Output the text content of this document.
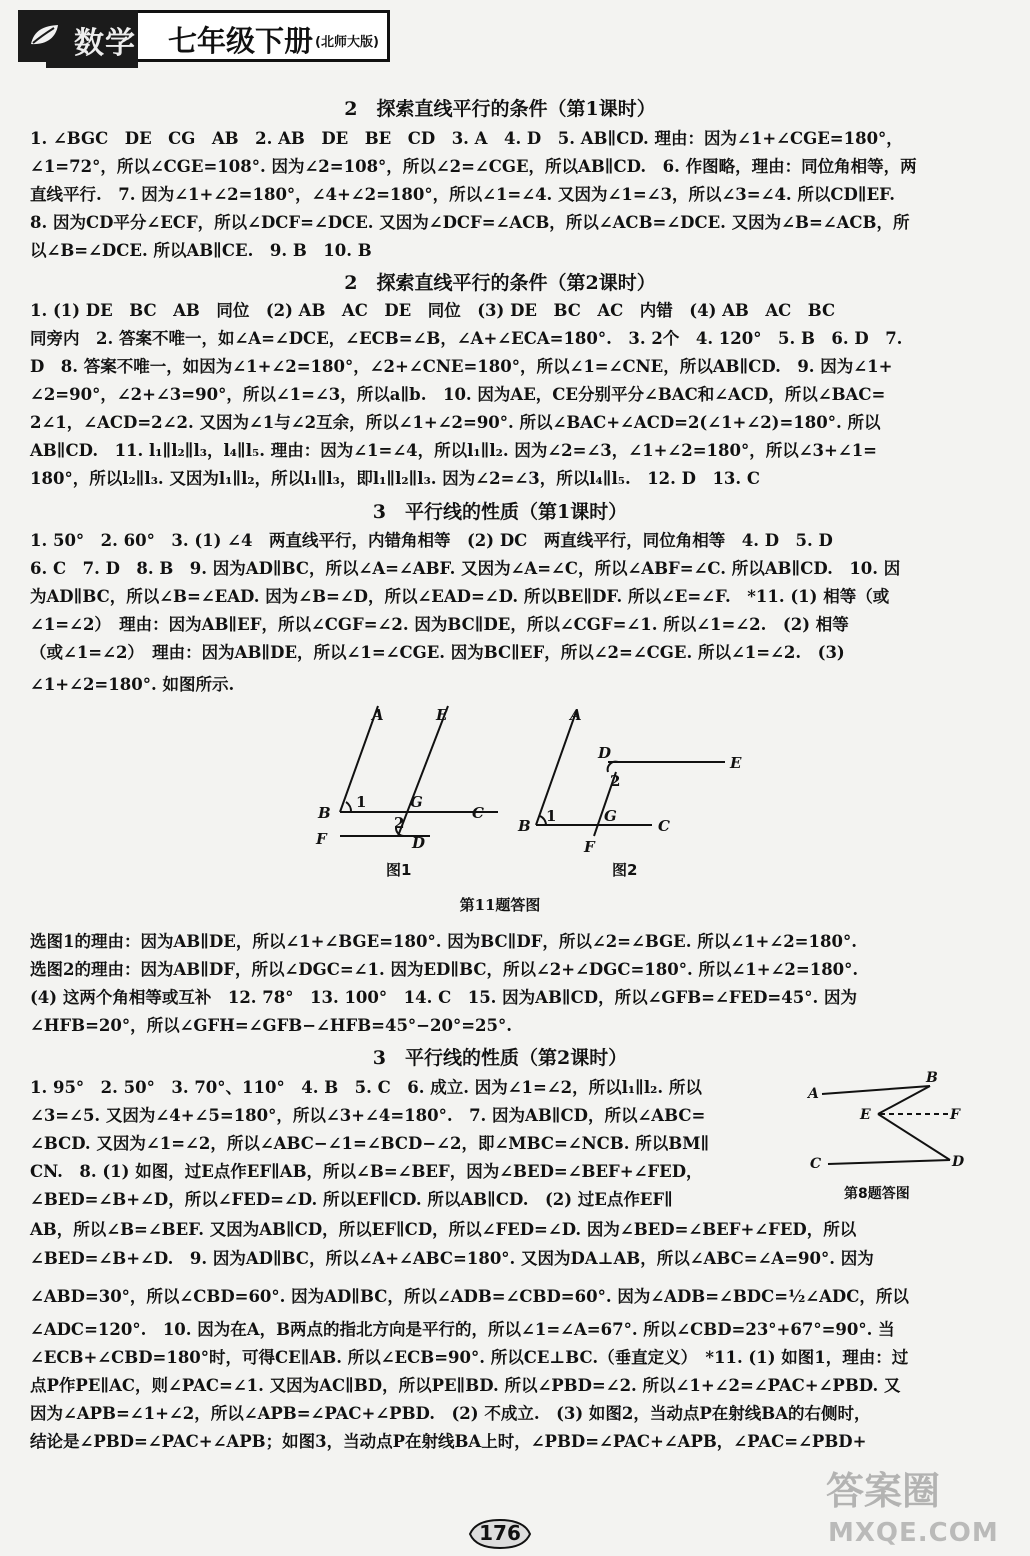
数学 七年级下册 (北师大版)
2　探索直线平行的条件（第1课时）
1. ∠BGC　DE　CG　AB　2. AB　DE　BE　CD　3. A　4. D　5. AB∥CD. 理由：因为∠1+∠CGE=180°，
∠1=72°，所以∠CGE=108°. 因为∠2=108°，所以∠2=∠CGE，所以AB∥CD.　6. 作图略，理由：同位角相等，两
直线平行.　7. 因为∠1+∠2=180°，∠4+∠2=180°，所以∠1=∠4. 又因为∠1=∠3，所以∠3=∠4. 所以CD∥EF.
8. 因为CD平分∠ECF，所以∠DCF=∠DCE. 又因为∠DCF=∠ACB，所以∠ACB=∠DCE. 又因为∠B=∠ACB，所
以∠B=∠DCE. 所以AB∥CE.　9. B　10. B
2　探索直线平行的条件（第2课时）
1. (1) DE　BC　AB　同位　(2) AB　AC　DE　同位　(3) DE　BC　AC　内错　(4) AB　AC　BC
同旁内　2. 答案不唯一，如∠A=∠DCE，∠ECB=∠B，∠A+∠ECA=180°.　3. 2个　4. 120°　5. B　6. D　7.
D　8. 答案不唯一，如因为∠1+∠2=180°，∠2+∠CNE=180°，所以∠1=∠CNE，所以AB∥CD.　9. 因为∠1+
∠2=90°，∠2+∠3=90°，所以∠1=∠3，所以a∥b.　10. 因为AE，CE分别平分∠BAC和∠ACD，所以∠BAC=
2∠1，∠ACD=2∠2. 又因为∠1与∠2互余，所以∠1+∠2=90°. 所以∠BAC+∠ACD=2(∠1+∠2)=180°. 所以
AB∥CD.　11. l₁∥l₂∥l₃，l₄∥l₅. 理由：因为∠1=∠4，所以l₁∥l₂. 因为∠2=∠3，∠1+∠2=180°，所以∠3+∠1=
180°，所以l₂∥l₃. 又因为l₁∥l₂，所以l₁∥l₃，即l₁∥l₂∥l₃. 因为∠2=∠3，所以l₄∥l₅.　12. D　13. C
3　平行线的性质（第1课时）
1. 50°　2. 60°　3. (1) ∠4　两直线平行，内错角相等　(2) DC　两直线平行，同位角相等　4. D　5. D
6. C　7. D　8. B　9. 因为AD∥BC，所以∠A=∠ABF. 又因为∠A=∠C，所以∠ABF=∠C. 所以AB∥CD.　10. 因
为AD∥BC，所以∠B=∠EAD. 因为∠B=∠D，所以∠EAD=∠D. 所以BE∥DF. 所以∠E=∠F.　*11. (1) 相等（或
∠1=∠2）　理由：因为AB∥EF，所以∠CGF=∠2. 因为BC∥DE，所以∠CGF=∠1. 所以∠1=∠2.　(2) 相等
（或∠1=∠2）　理由：因为AB∥DE，所以∠1=∠CGE. 因为BC∥EF，所以∠2=∠CGE. 所以∠1=∠2.　(3)
∠1+∠2=180°. 如图所示.
A	E
B
1	G
C
2
F	D
A
D
E
2
B
1	G
C
F
图1	图2
第11题答图
选图1的理由：因为AB∥DE，所以∠1+∠BGE=180°. 因为BC∥DF，所以∠2=∠BGE. 所以∠1+∠2=180°.
选图2的理由：因为AB∥DF，所以∠DGC=∠1. 因为ED∥BC，所以∠2+∠DGC=180°. 所以∠1+∠2=180°.
(4) 这两个角相等或互补　12. 78°　13. 100°　14. C　15. 因为AB∥CD，所以∠GFB=∠FED=45°. 因为
∠HFB=20°，所以∠GFH=∠GFB−∠HFB=45°−20°=25°.
3　平行线的性质（第2课时）
1. 95°　2. 50°　3. 70°、110°　4. B　5. C　6. 成立. 因为∠1=∠2，所以l₁∥l₂. 所以
∠3=∠5. 又因为∠4+∠5=180°，所以∠3+∠4=180°.　7. 因为AB∥CD，所以∠ABC=
∠BCD. 又因为∠1=∠2，所以∠ABC−∠1=∠BCD−∠2，即∠MBC=∠NCB. 所以BM∥
CN.　8. (1) 如图，过E点作EF∥AB，所以∠B=∠BEF，因为∠BED=∠BEF+∠FED，
∠BED=∠B+∠D，所以∠FED=∠D. 所以EF∥CD. 所以AB∥CD.　(2) 过E点作EF∥
AB，所以∠B=∠BEF. 又因为AB∥CD，所以EF∥CD，所以∠FED=∠D. 因为∠BED=∠BEF+∠FED，所以
∠BED=∠B+∠D.　9. 因为AD∥BC，所以∠A+∠ABC=180°. 又因为DA⊥AB，所以∠ABC=∠A=90°. 因为
∠ABD=30°，所以∠CBD=60°. 因为AD∥BC，所以∠ADB=∠CBD=60°. 因为∠ADB=∠BDC=½∠ADC，所以
∠ADC=120°.　10. 因为在A，B两点的指北方向是平行的，所以∠1=∠A=67°. 所以∠CBD=23°+67°=90°. 当
∠ECB+∠CBD=180°时，可得CE∥AB. 所以∠ECB=90°. 所以CE⊥BC.（垂直定义）　*11. (1) 如图1，理由：过
点P作PE∥AC，则∠PAC=∠1. 又因为AC∥BD，所以PE∥BD. 所以∠PBD=∠2. 所以∠1+∠2=∠PAC+∠PBD. 又
因为∠APB=∠1+∠2，所以∠APB=∠PAC+∠PBD.　(2) 不成立.　(3) 如图2，当动点P在射线BA的右侧时，
结论是∠PBD=∠PAC+∠APB；如图3，当动点P在射线BA上时，∠PBD=∠PAC+∠APB，∠PAC=∠PBD+
A
B
E	F
C	D
第8题答图
176
答案圈
MXQE.COM
